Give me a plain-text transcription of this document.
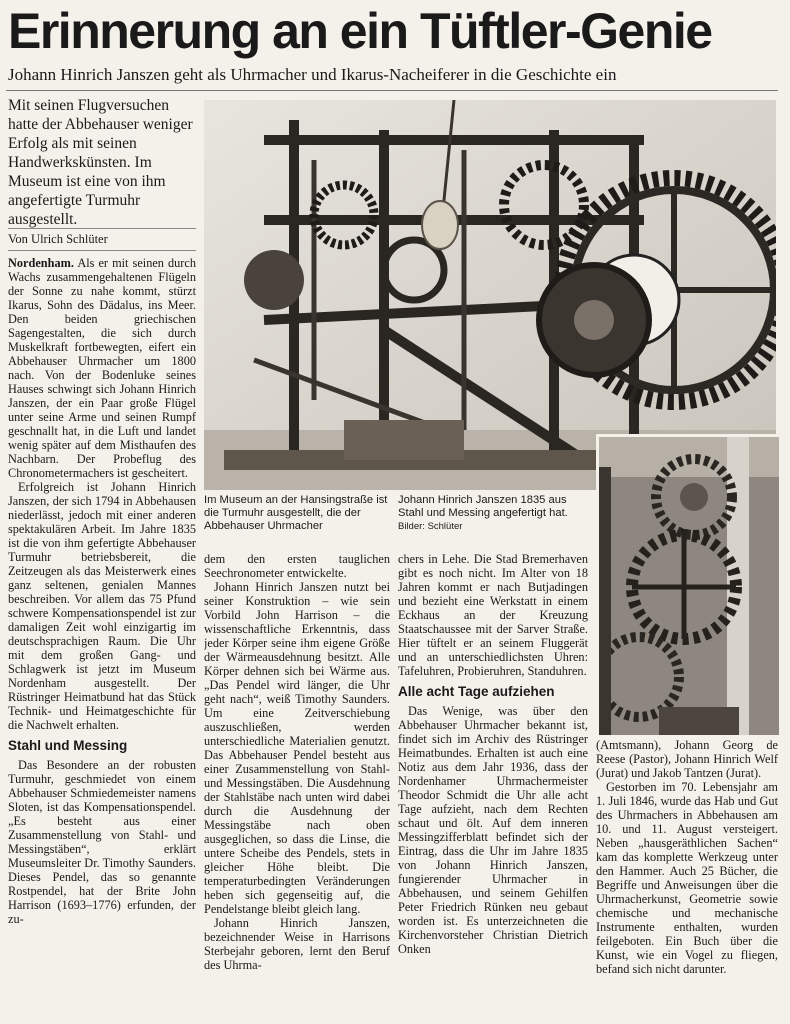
Erinnerung an ein Tüftler-Genie
Johann Hinrich Janszen geht als Uhrmacher und Ikarus-Nacheiferer in die Geschichte ein

Mit seinen Flugversuchen hatte der Abbehauser weniger Erfolg als mit seinen Handwerkskünsten. Im Museum ist eine von ihm angefertigte Turmuhr ausgestellt.

Von Ulrich Schlüter
Im Museum an der Hansingstraße ist die Turmuhr ausgestellt, die der Abbehauser Uhrmacher
Johann Hinrich Janszen 1835 aus Stahl und Messing angefertigt hat. Bilder: Schlüter

Nordenham. Als er mit seinen durch Wachs zusammengehaltenen Flügeln der Sonne zu nahe kommt, stürzt Ikarus, Sohn des Dädalus, ins Meer. Den beiden griechischen Sagengestalten, die sich durch Muskelkraft fortbewegten, eifert ein Abbehauser Uhrmacher um 1800 nach. Von der Bodenluke seines Hauses schwingt sich Johann Hinrich Janszen, der ein Paar große Flügel unter seine Arme und seinen Rumpf geschnallt hat, in die Luft und landet wenig später auf dem Misthaufen des Nachbarn. Der Probeflug des Chronometermachers ist gescheitert.

Erfolgreich ist Johann Hinrich Janszen, der sich 1794 in Abbehausen niederlässt, jedoch mit einer anderen spektakulären Arbeit. Im Jahre 1835 ist die von ihm gefertigte Abbehauser Turmuhr betriebsbereit, die Zeitzeugen als das Meisterwerk eines ganz seltenen, genialen Mannes beschreiben. Vor allem das 75 Pfund schwere Kompensationspendel ist zur damaligen Zeit wohl einzigartig im deutschsprachigen Raum. Die Uhr mit dem großen Gang- und Schlagwerk ist jetzt im Museum Nordenham ausgestellt. Der Rüstringer Heimatbund hat das Stück Technik- und Heimatgeschichte für die Nachwelt erhalten.

Stahl und Messing

Das Besondere an der robusten Turmuhr, geschmiedet von einem Abbehauser Schmiedemeister namens Sloten, ist das Kompensationspendel. „Es besteht aus einer Zusammenstellung von Stahl- und Messingstäben“, erklärt Museumsleiter Dr. Timothy Saunders. Dieses Pendel, das so genannte Rostpendel, hat der Brite John Harrison (1693–1776) erfunden, der zu-

dem den ersten tauglichen Seechronometer entwickelte.

Johann Hinrich Janszen nutzt bei seiner Konstruktion – wie sein Vorbild John Harrison – die wissenschaftliche Erkenntnis, dass jeder Körper seine ihm eigene Größe der Wärmeausdehnung besitzt. Alle Körper dehnen sich bei Wärme aus. „Das Pendel wird länger, die Uhr geht nach“, weiß Timothy Saunders. Um eine Zeitverschiebung auszuschließen, werden unterschiedliche Materialien genutzt. Das Abbehauser Pendel besteht aus einer Zusammenstellung von Stahl- und Messingstäben. Die Ausdehnung der Stahlstäbe nach unten wird dabei durch die Ausdehnung der Messingstäbe nach oben ausgeglichen, so dass die Linse, die untere Scheibe des Pendels, stets in gleicher Höhe bleibt. Die temperaturbedingten Veränderungen heben sich gegenseitig auf, die Pendelstange bleibt gleich lang.

Johann Hinrich Janszen, bezeichnender Weise in Harrisons Sterbejahr geboren, lernt den Beruf des Uhrma-

chers in Lehe. Die Stad Bremerhaven gibt es noch nicht. Im Alter von 18 Jahren kommt er nach Butjadingen und bezieht eine Werkstatt in einem Eckhaus an der Kreuzung Staatschaussee mit der Sarver Straße. Hier tüftelt er an seinem Fluggerät und an unterschiedlichsten Uhren: Tafeluhren, Probieruhren, Standuhren.

Alle acht Tage aufziehen

Das Wenige, was über den Abbehauser Uhrmacher bekannt ist, findet sich im Archiv des Rüstringer Heimatbundes. Erhalten ist auch eine Notiz aus dem Jahr 1936, dass der Nordenhamer Uhrmachermeister Theodor Schmidt die Uhr alle acht Tage aufzieht, nach dem Rechten schaut und ölt. Auf dem inneren Messingzifferblatt befindet sich der Eintrag, dass die Uhr im Jahre 1835 von Johann Hinrich Janszen, fungierender Uhrmacher in Abbehausen, und seinem Gehilfen Peter Friedrich Rünken neu gebaut worden ist. Es unterzeichneten die Kirchenvorsteher Christian Dietrich Onken

(Amtsmann), Johann Georg de Reese (Pastor), Johann Hinrich Welf (Jurat) und Jakob Tantzen (Jurat).

Gestorben im 70. Lebensjahr am 1. Juli 1846, wurde das Hab und Gut des Uhrmachers in Abbehausen am 10. und 11. August versteigert. Neben „hausgeräthlichen Sachen“ kam das komplette Werkzeug unter den Hammer. Auch 25 Bücher, die Begriffe und Anweisungen über die Uhrmacherkunst, Geometrie sowie chemische und mechanische Instrumente enthalten, wurden feilgeboten. Ein Buch über die Kunst, wie ein Vogel zu fliegen, befand sich nicht darunter.
